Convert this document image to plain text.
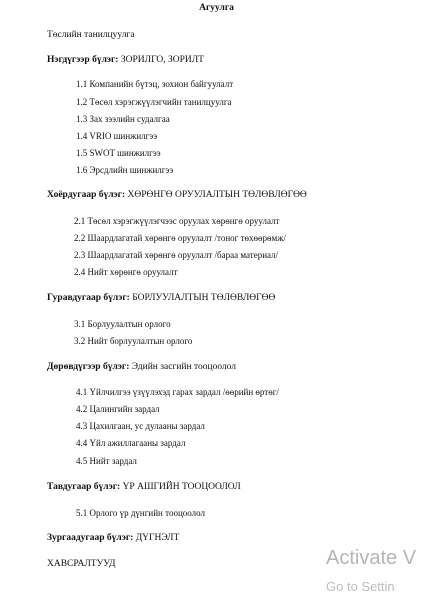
Агуулга
Төслийн танилцуулга
Нэгдүгээр бүлэг: ЗОРИЛГО, ЗОРИЛТ
1.1 Компанийн бүтэц, зохион байгуулалт
1.2 Төсөл хэрэгжүүлэгчийн танилцуулга
1.3 Зах зээлийн судалгаа
1.4 VRIO шинжилгээ
1.5 SWOT шинжилгээ
1.6 Эрсдлийн шинжилгээ
Хоёрдугаар бүлэг: ХӨРӨНГӨ ОРУУЛАЛТЫН ТӨЛӨВЛӨГӨӨ
2.1 Төсөл хэрэгжүүлэгчээс оруулах хөрөнгө оруулалт
2.2 Шаардлагатай хөрөнгө оруулалт /тоног төхөөрөмж/
2.3 Шаардлагатай хөрөнгө оруулалт /бараа материал/
2.4 Нийт хөрөнгө оруулалт
Гуравдугаар бүлэг: БОРЛУУЛАЛТЫН ТӨЛӨВЛӨГӨӨ
3.1 Борлуулалтын орлого
3.2 Нийт борлуулалтын орлого
Дөрөвдүгээр бүлэг: Эдийн засгийн тооцоолол
4.1 Үйлчилгээ үзүүлэхэд гарах зардал /өөрийн өртөг/
4.2 Цалингийн зардал
4.3 Цахилгаан, ус дулааны зардал
4.4 Үйл ажиллагааны зардал
4.5 Нийт зардал
Тавдугаар бүлэг: ҮР АШГИЙН ТООЦООЛОЛ
5.1 Орлого үр дүнгийн тооцоолол
Зургаадугаар бүлэг: ДҮГНЭЛТ
ХАВСРАЛТУУД	Activate V
Go to Settin
